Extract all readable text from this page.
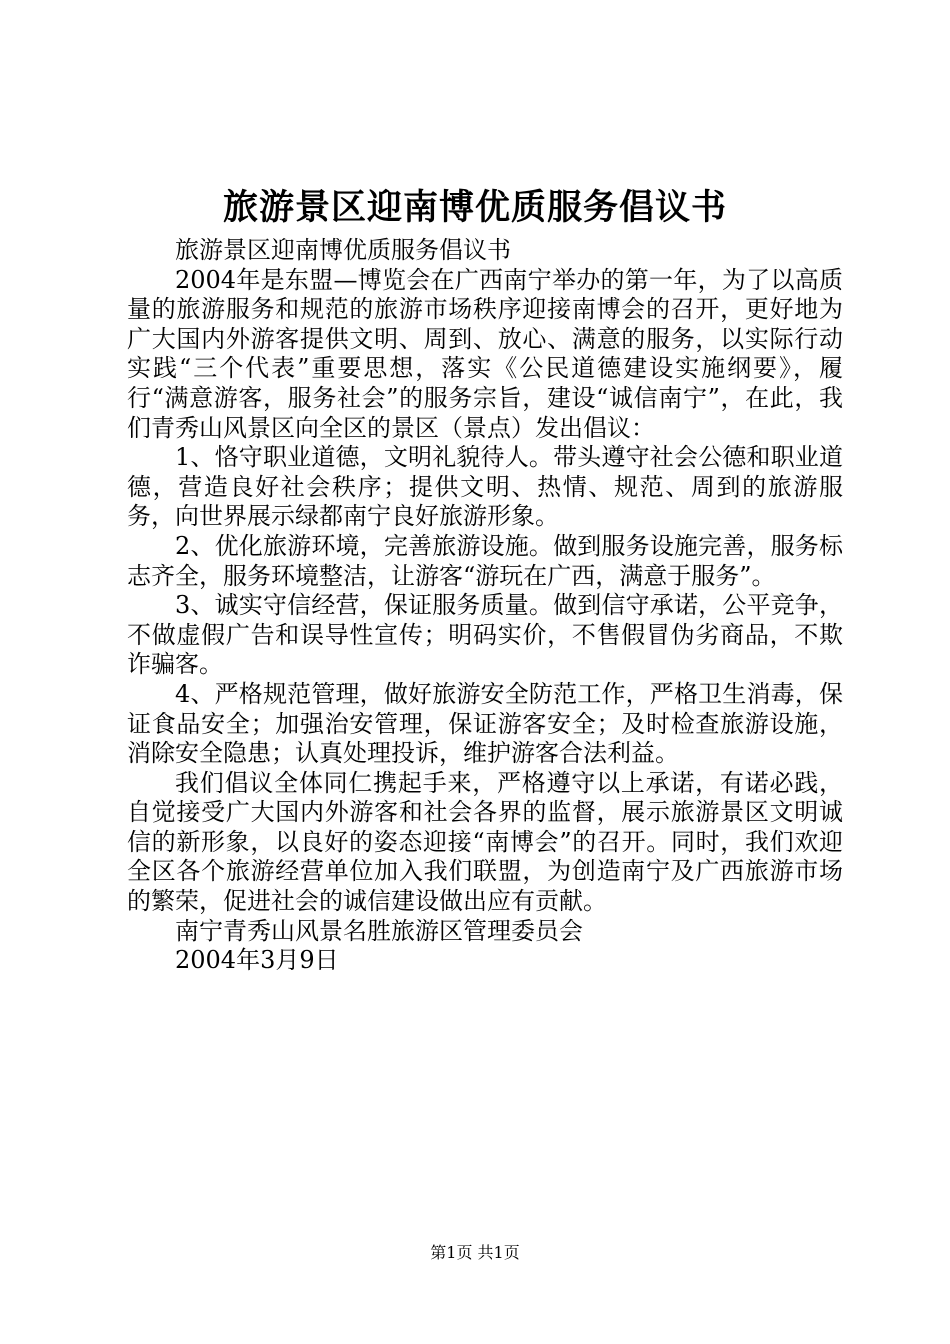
旅游景区迎南博优质服务倡议书

旅游景区迎南博优质服务倡议书

2004年是东盟—博览会在广西南宁举办的第一年，为了以高质量的旅游服务和规范的旅游市场秩序迎接南博会的召开，更好地为广大国内外游客提供文明、周到、放心、满意的服务，以实际行动实践“三个代表”重要思想，落实《公民道德建设实施纲要》，履行“满意游客，服务社会”的服务宗旨，建设“诚信南宁”，在此，我们青秀山风景区向全区的景区（景点）发出倡议：

1、恪守职业道德，文明礼貌待人。带头遵守社会公德和职业道德，营造良好社会秩序；提供文明、热情、规范、周到的旅游服务，向世界展示绿都南宁良好旅游形象。

2、优化旅游环境，完善旅游设施。做到服务设施完善，服务标志齐全，服务环境整洁，让游客“游玩在广西，满意于服务”。

3、诚实守信经营，保证服务质量。做到信守承诺，公平竞争，不做虚假广告和误导性宣传；明码实价，不售假冒伪劣商品，不欺诈骗客。

4、严格规范管理，做好旅游安全防范工作，严格卫生消毒，保证食品安全；加强治安管理，保证游客安全；及时检查旅游设施，消除安全隐患；认真处理投诉，维护游客合法利益。

我们倡议全体同仁携起手来，严格遵守以上承诺，有诺必践，自觉接受广大国内外游客和社会各界的监督，展示旅游景区文明诚信的新形象，以良好的姿态迎接“南博会”的召开。同时，我们欢迎全区各个旅游经营单位加入我们联盟，为创造南宁及广西旅游市场的繁荣，促进社会的诚信建设做出应有贡献。

南宁青秀山风景名胜旅游区管理委员会

2004年3月9日

第1页 共1页
